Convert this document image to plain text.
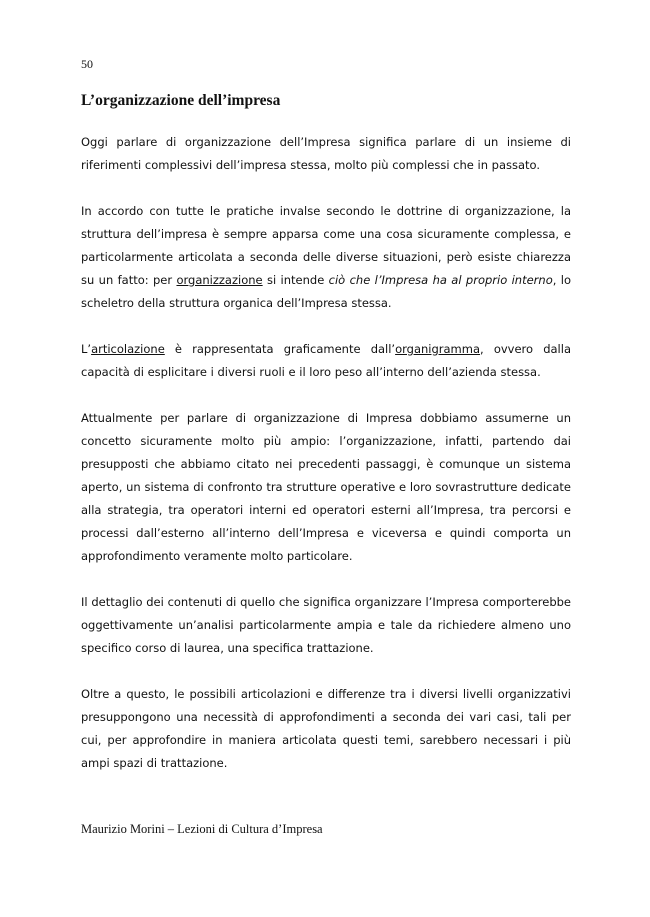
50
L’organizzazione dell’impresa

Oggi parlare di organizzazione dell’Impresa significa parlare di un insieme di riferimenti complessivi dell’impresa stessa, molto più complessi che in passato.

In accordo con tutte le pratiche invalse secondo le dottrine di organizzazione, la struttura dell’impresa è sempre apparsa come una cosa sicuramente complessa, e particolarmente articolata a seconda delle diverse situazioni, però esiste chiarezza su un fatto: per organizzazione si intende ciò che l’Impresa ha al proprio interno, lo scheletro della struttura organica dell’Impresa stessa.

L’articolazione è rappresentata graficamente dall’organigramma, ovvero dalla capacità di esplicitare i diversi ruoli e il loro peso all’interno dell’azienda stessa.

Attualmente per parlare di organizzazione di Impresa dobbiamo assumerne un concetto sicuramente molto più ampio: l’organizzazione, infatti, partendo dai presupposti che abbiamo citato nei precedenti passaggi, è comunque un sistema aperto, un sistema di confronto tra strutture operative e loro sovrastrutture dedicate alla strategia, tra operatori interni ed operatori esterni all’Impresa, tra percorsi e processi dall’esterno all’interno dell’Impresa e viceversa e quindi comporta un approfondimento veramente molto particolare.

Il dettaglio dei contenuti di quello che significa organizzare l’Impresa comporterebbe oggettivamente un’analisi particolarmente ampia e tale da richiedere almeno uno specifico corso di laurea, una specifica trattazione.

Oltre a questo, le possibili articolazioni e differenze tra i diversi livelli organizzativi presuppongono una necessità di approfondimenti a seconda dei vari casi, tali per cui, per approfondire in maniera articolata questi temi, sarebbero necessari i più ampi spazi di trattazione.

Maurizio Morini – Lezioni di Cultura d’Impresa
